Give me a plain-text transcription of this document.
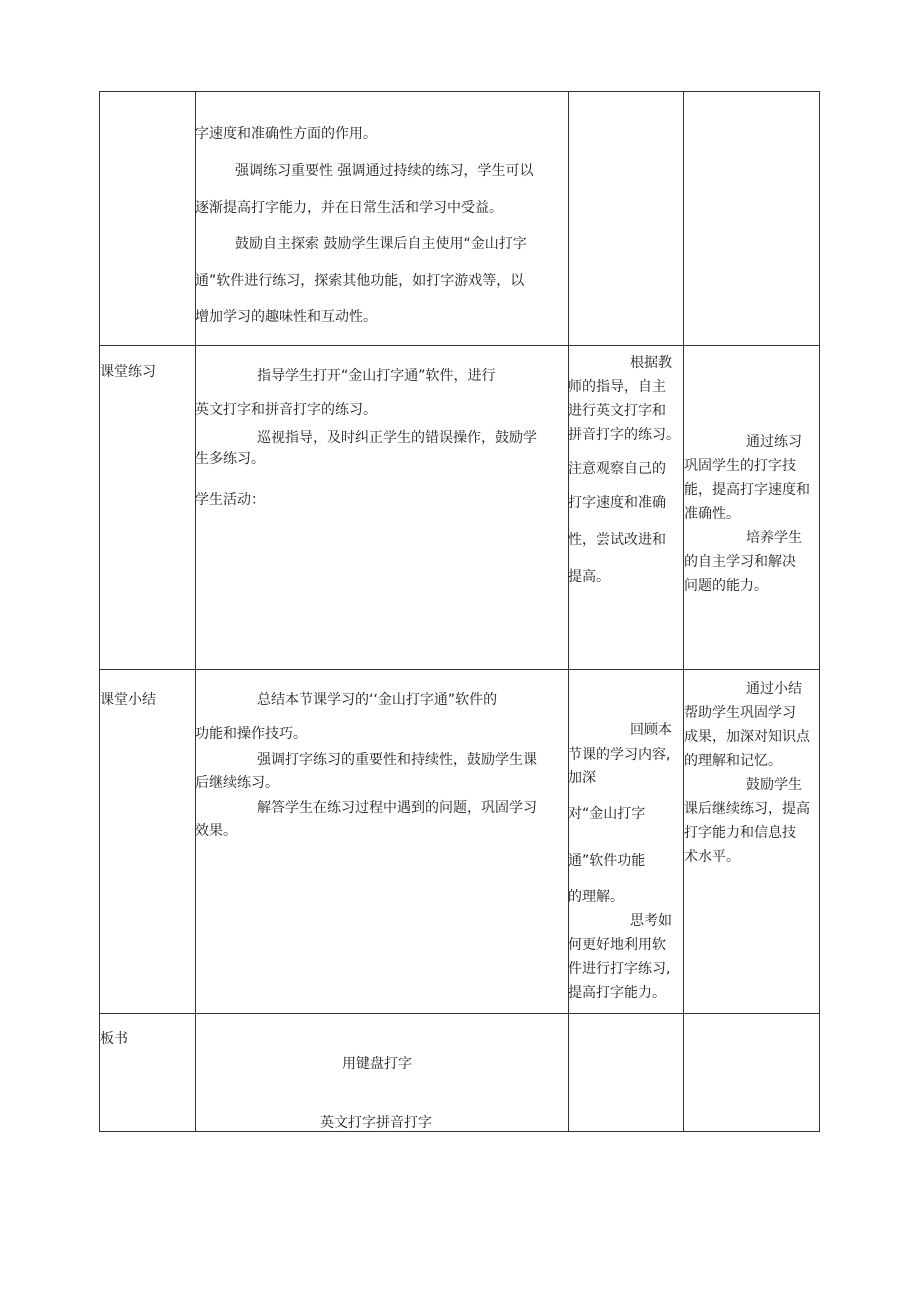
字速度和准确性方面的作用。

强调练习重要性 强调通过持续的练习，学生可以

逐渐提高打字能力，并在日常生活和学习中受益。

鼓励自主探索 鼓励学生课后自主使用“金山打字

通”软件进行练习，探索其他功能，如打字游戏等，以

增加学习的趣味性和互动性。

课堂练习	指导学生打开“金山打字通”软件，进行

英文打字和拼音打字的练习。

巡视指导，及时纠正学生的错误操作，鼓励学

生多练习。

学生活动：

根据教

师的指导，自主

进行英文打字和

拼音打字的练习。

注意观察自己的

打字速度和准确

性，尝试改进和

提高。

通过练习

巩固学生的打字技

能，提高打字速度和

准确性。

培养学生

的自主学习和解决

问题的能力。

课堂小结	总结本节课学习的‘‘金山打字通”软件的

功能和操作技巧。

强调打字练习的重要性和持续性，鼓励学生课

后继续练习。

解答学生在练习过程中遇到的问题，巩固学习

效果。

回顾本

节课的学习内容,

加深

对“金山打字

通”软件功能

的理解。

思考如

何更好地利用软

件进行打字练习,

提高打字能力。

通过小结

帮助学生巩固学习

成果，加深对知识点

的理解和记忆。

鼓励学生

课后继续练习，提高

打字能力和信息技

术水平。

板书

用键盘打字

英文打字拼音打字
